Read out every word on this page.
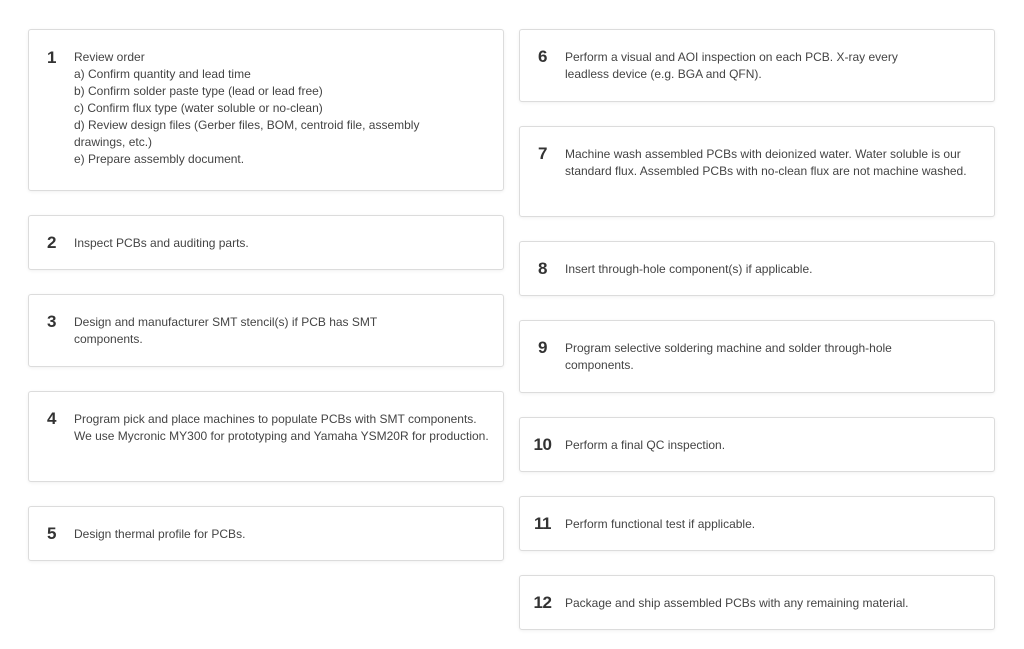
1	Review order
a) Confirm quantity and lead time
b) Confirm solder paste type (lead or lead free)
c) Confirm flux type (water soluble or no-clean)
d) Review design files (Gerber files, BOM, centroid file, assembly drawings, etc.)
e) Prepare assembly document.
2	Inspect PCBs and auditing parts.
3	Design and manufacturer SMT stencil(s) if PCB has SMT components.
4	Program pick and place machines to populate PCBs with SMT components. We use Mycronic MY300 for prototyping and Yamaha YSM20R for production.
5	Design thermal profile for PCBs.
6	Perform a visual and AOI inspection on each PCB. X-ray every leadless device (e.g. BGA and QFN).
7	Machine wash assembled PCBs with deionized water. Water soluble is our standard flux. Assembled PCBs with no-clean flux are not machine washed.
8	Insert through-hole component(s) if applicable.
9	Program selective soldering machine and solder through-hole components.
10	Perform a final QC inspection.
11	Perform functional test if applicable.
12	Package and ship assembled PCBs with any remaining material.
